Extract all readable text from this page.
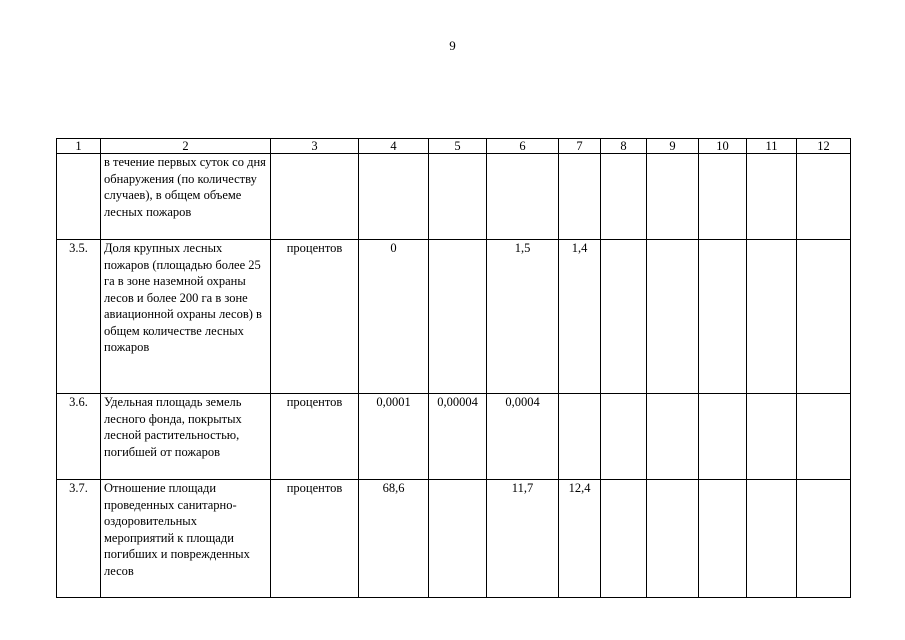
9
1	2	3	4	5	6	7	8	9	10	11	12
	в течение первых суток со дня обнаружения (по количеству случаев), в общем объеме лесных пожаров										
3.5.	Доля крупных лесных пожаров (площадью более 25 га в зоне наземной охраны лесов и более 200 га в зоне авиационной охраны лесов) в общем количестве лесных пожаров	процентов	0		1,5	1,4					
3.6.	Удельная площадь земель лесного фонда, покрытых лесной растительностью, погибшей от пожаров	процентов	0,0001	0,00004	0,0004						
3.7.	Отношение площади проведенных санитарно-оздоровительных мероприятий к площади погибших и поврежденных лесов	процентов	68,6		11,7	12,4					
